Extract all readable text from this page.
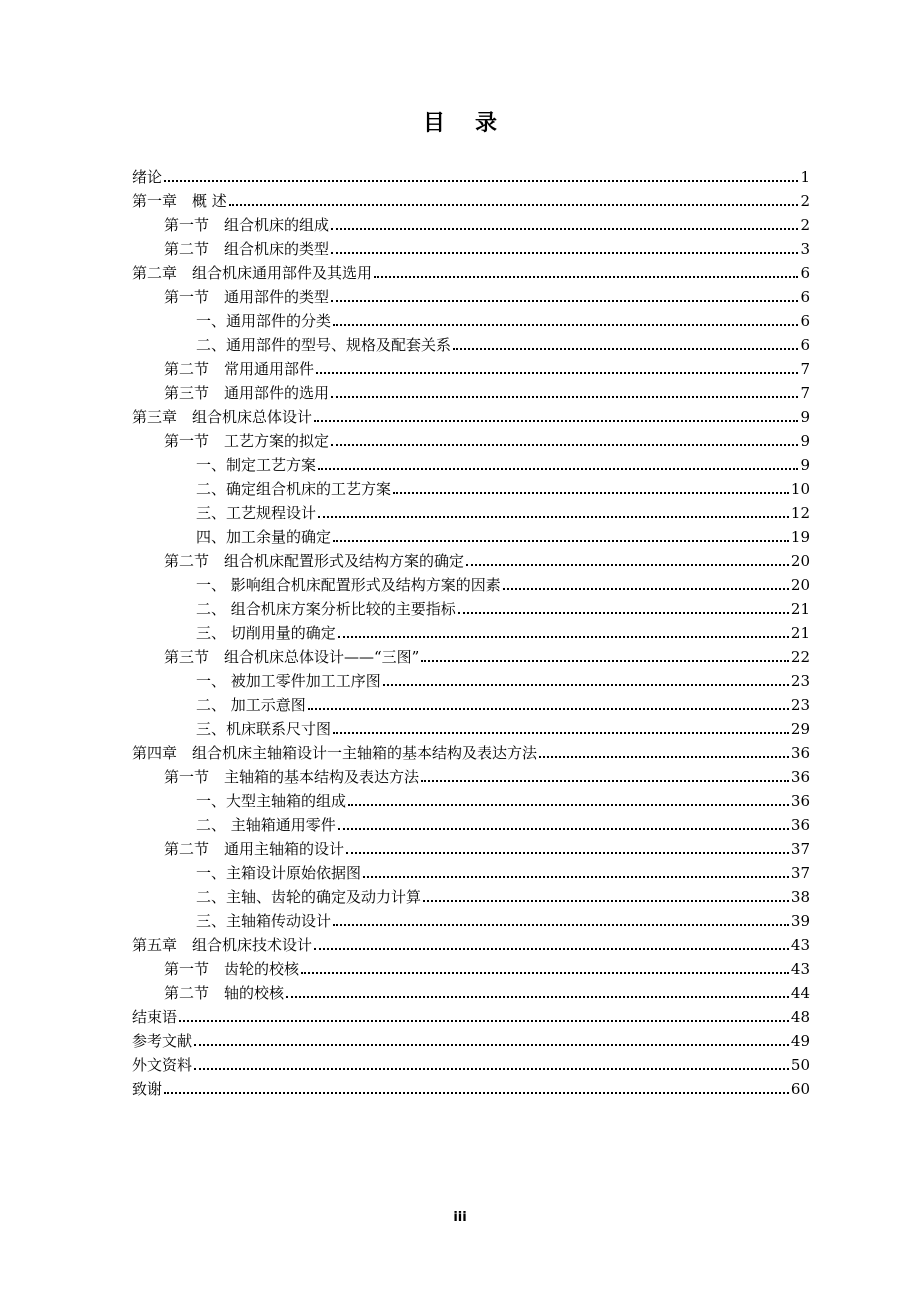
目录
绪论	1
第一章　概 述	2
第一节　组合机床的组成	2
第二节　组合机床的类型	3
第二章　组合机床通用部件及其选用	6
第一节　通用部件的类型	6
一、通用部件的分类	6
二、通用部件的型号、规格及配套关系	6
第二节　常用通用部件	7
第三节　通用部件的选用	7
第三章　组合机床总体设计	9
第一节　工艺方案的拟定	9
一、制定工艺方案	9
二、确定组合机床的工艺方案	10
三、工艺规程设计	12
四、加工余量的确定	19
第二节　组合机床配置形式及结构方案的确定	20
一、 影响组合机床配置形式及结构方案的因素	20
二、 组合机床方案分析比较的主要指标	21
三、 切削用量的确定	21
第三节　组合机床总体设计——“三图”	22
一、 被加工零件加工工序图	23
二、 加工示意图	23
三、机床联系尺寸图	29
第四章　组合机床主轴箱设计一主轴箱的基本结构及表达方法	36
第一节　主轴箱的基本结构及表达方法	36
一、大型主轴箱的组成	36
二、 主轴箱通用零件	36
第二节　通用主轴箱的设计	37
一、主箱设计原始依据图	37
二、主轴、齿轮的确定及动力计算	38
三、主轴箱传动设计	39
第五章　组合机床技术设计	43
第一节　齿轮的校核	43
第二节　轴的校核	44
结束语	48
参考文献	49
外文资料	50
致谢	60
iii
